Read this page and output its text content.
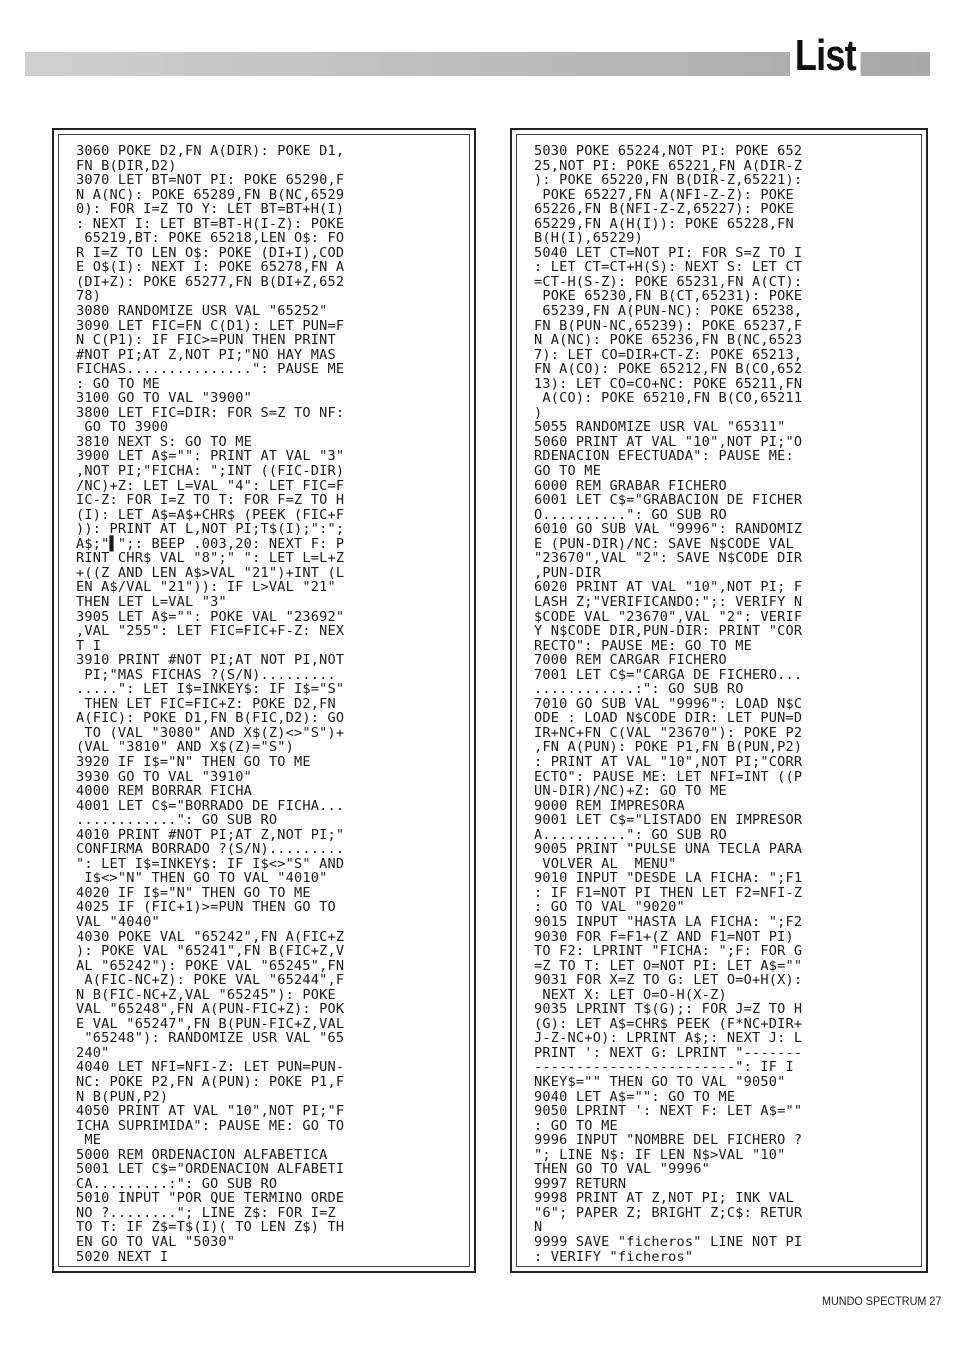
List
3060 POKE D2,FN A(DIR): POKE D1,
FN B(DIR,D2)
3070 LET BT=NOT PI: POKE 65290,F
N A(NC): POKE 65289,FN B(NC,6529
0): FOR I=Z TO Y: LET BT=BT+H(I)
: NEXT I: LET BT=BT-H(I-Z): POKE
65219,BT: POKE 65218,LEN O$: FO
R I=Z TO LEN O$: POKE (DI+I),COD
E O$(I): NEXT I: POKE 65278,FN A
(DI+Z): POKE 65277,FN B(DI+Z,652
78)
3080 RANDOMIZE USR VAL "65252"
3090 LET FIC=FN C(D1): LET PUN=F
N C(P1): IF FIC>=PUN THEN PRINT
#NOT PI;AT Z,NOT PI;"NO HAY MAS
FICHAS...............": PAUSE ME
: GO TO ME
3100 GO TO VAL "3900"
3800 LET FIC=DIR: FOR S=Z TO NF:
GO TO 3900
3810 NEXT S: GO TO ME
3900 LET A$="": PRINT AT VAL "3"
,NOT PI;"FICHA: ";INT ((FIC-DIR)
/NC)+Z: LET L=VAL "4": LET FIC=F
IC-Z: FOR I=Z TO T: FOR F=Z TO H
(I): LET A$=A$+CHR$ (PEEK (FIC+F
)): PRINT AT L,NOT PI;T$(I);":";
A$;"▌";: BEEP .003,20: NEXT F: P
RINT CHR$ VAL "8";" ": LET L=L+Z
+((Z AND LEN A$>VAL "21")+INT (L
EN A$/VAL "21")): IF L>VAL "21"
THEN LET L=VAL "3"
3905 LET A$="": POKE VAL "23692"
,VAL "255": LET FIC=FIC+F-Z: NEX
T I
3910 PRINT #NOT PI;AT NOT PI,NOT
PI;"MAS FICHAS ?(S/N).........
.....": LET I$=INKEY$: IF I$="S"
THEN LET FIC=FIC+Z: POKE D2,FN
A(FIC): POKE D1,FN B(FIC,D2): GO
TO (VAL "3080" AND X$(Z)<>"S")+
(VAL "3810" AND X$(Z)="S")
3920 IF I$="N" THEN GO TO ME
3930 GO TO VAL "3910"
4000 REM BORRAR FICHA
4001 LET C$="BORRADO DE FICHA...
............": GO SUB RO
4010 PRINT #NOT PI;AT Z,NOT PI;"
CONFIRMA BORRADO ?(S/N).........
": LET I$=INKEY$: IF I$<>"S" AND
I$<>"N" THEN GO TO VAL "4010"
4020 IF I$="N" THEN GO TO ME
4025 IF (FIC+1)>=PUN THEN GO TO
VAL "4040"
4030 POKE VAL "65242",FN A(FIC+Z
): POKE VAL "65241",FN B(FIC+Z,V
AL "65242"): POKE VAL "65245",FN
A(FIC-NC+Z): POKE VAL "65244",F
N B(FIC-NC+Z,VAL "65245"): POKE
VAL "65248",FN A(PUN-FIC+Z): POK
E VAL "65247",FN B(PUN-FIC+Z,VAL
"65248"): RANDOMIZE USR VAL "65
240"
4040 LET NFI=NFI-Z: LET PUN=PUN-
NC: POKE P2,FN A(PUN): POKE P1,F
N B(PUN,P2)
4050 PRINT AT VAL "10",NOT PI;"F
ICHA SUPRIMIDA": PAUSE ME: GO TO
ME
5000 REM ORDENACION ALFABETICA
5001 LET C$="ORDENACION ALFABETI
CA.........:": GO SUB RO
5010 INPUT "POR QUE TERMINO ORDE
NO ?........"; LINE Z$: FOR I=Z
TO T: IF Z$=T$(I)( TO LEN Z$) TH
EN GO TO VAL "5030"
5020 NEXT I
5030 POKE 65224,NOT PI: POKE 652
25,NOT PI: POKE 65221,FN A(DIR-Z
): POKE 65220,FN B(DIR-Z,65221):
POKE 65227,FN A(NFI-Z-Z): POKE
65226,FN B(NFI-Z-Z,65227): POKE
65229,FN A(H(I)): POKE 65228,FN
B(H(I),65229)
5040 LET CT=NOT PI: FOR S=Z TO I
: LET CT=CT+H(S): NEXT S: LET CT
=CT-H(S-Z): POKE 65231,FN A(CT):
POKE 65230,FN B(CT,65231): POKE
65239,FN A(PUN-NC): POKE 65238,
FN B(PUN-NC,65239): POKE 65237,F
N A(NC): POKE 65236,FN B(NC,6523
7): LET CO=DIR+CT-Z: POKE 65213,
FN A(CO): POKE 65212,FN B(CO,652
13): LET CO=CO+NC: POKE 65211,FN
A(CO): POKE 65210,FN B(CO,65211
)
5055 RANDOMIZE USR VAL "65311"
5060 PRINT AT VAL "10",NOT PI;"O
RDENACION EFECTUADA": PAUSE ME:
GO TO ME
6000 REM GRABAR FICHERO
6001 LET C$="GRABACION DE FICHER
O..........": GO SUB RO
6010 GO SUB VAL "9996": RANDOMIZ
E (PUN-DIR)/NC: SAVE N$CODE VAL
"23670",VAL "2": SAVE N$CODE DIR
,PUN-DIR
6020 PRINT AT VAL "10",NOT PI; F
LASH Z;"VERIFICANDO:";: VERIFY N
$CODE VAL "23670",VAL "2": VERIF
Y N$CODE DIR,PUN-DIR: PRINT "COR
RECTO": PAUSE ME: GO TO ME
7000 REM CARGAR FICHERO
7001 LET C$="CARGA DE FICHERO...
............:": GO SUB RO
7010 GO SUB VAL "9996": LOAD N$C
ODE : LOAD N$CODE DIR: LET PUN=D
IR+NC+FN C(VAL "23670"): POKE P2
,FN A(PUN): POKE P1,FN B(PUN,P2)
: PRINT AT VAL "10",NOT PI;"CORR
ECTO": PAUSE ME: LET NFI=INT ((P
UN-DIR)/NC)+Z: GO TO ME
9000 REM IMPRESORA
9001 LET C$="LISTADO EN IMPRESOR
A..........": GO SUB RO
9005 PRINT "PULSE UNA TECLA PARA
VOLVER AL  MENU"
9010 INPUT "DESDE LA FICHA: ";F1
: IF F1=NOT PI THEN LET F2=NFI-Z
: GO TO VAL "9020"
9015 INPUT "HASTA LA FICHA: ";F2
9030 FOR F=F1+(Z AND F1=NOT PI)
TO F2: LPRINT "FICHA: ";F: FOR G
=Z TO T: LET O=NOT PI: LET A$=""
9031 FOR X=Z TO G: LET O=O+H(X):
NEXT X: LET O=O-H(X-Z)
9035 LPRINT T$(G);: FOR J=Z TO H
(G): LET A$=CHR$ PEEK (F*NC+DIR+
J-Z-NC+O): LPRINT A$;: NEXT J: L
PRINT ': NEXT G: LPRINT "-------
------------------------": IF I
NKEY$="" THEN GO TO VAL "9050"
9040 LET A$="": GO TO ME
9050 LPRINT ': NEXT F: LET A$=""
: GO TO ME
9996 INPUT "NOMBRE DEL FICHERO ?
"; LINE N$: IF LEN N$>VAL "10"
THEN GO TO VAL "9996"
9997 RETURN
9998 PRINT AT Z,NOT PI; INK VAL
"6"; PAPER Z; BRIGHT Z;C$: RETUR
N
9999 SAVE "ficheros" LINE NOT PI
: VERIFY "ficheros"
MUNDO SPECTRUM 27
